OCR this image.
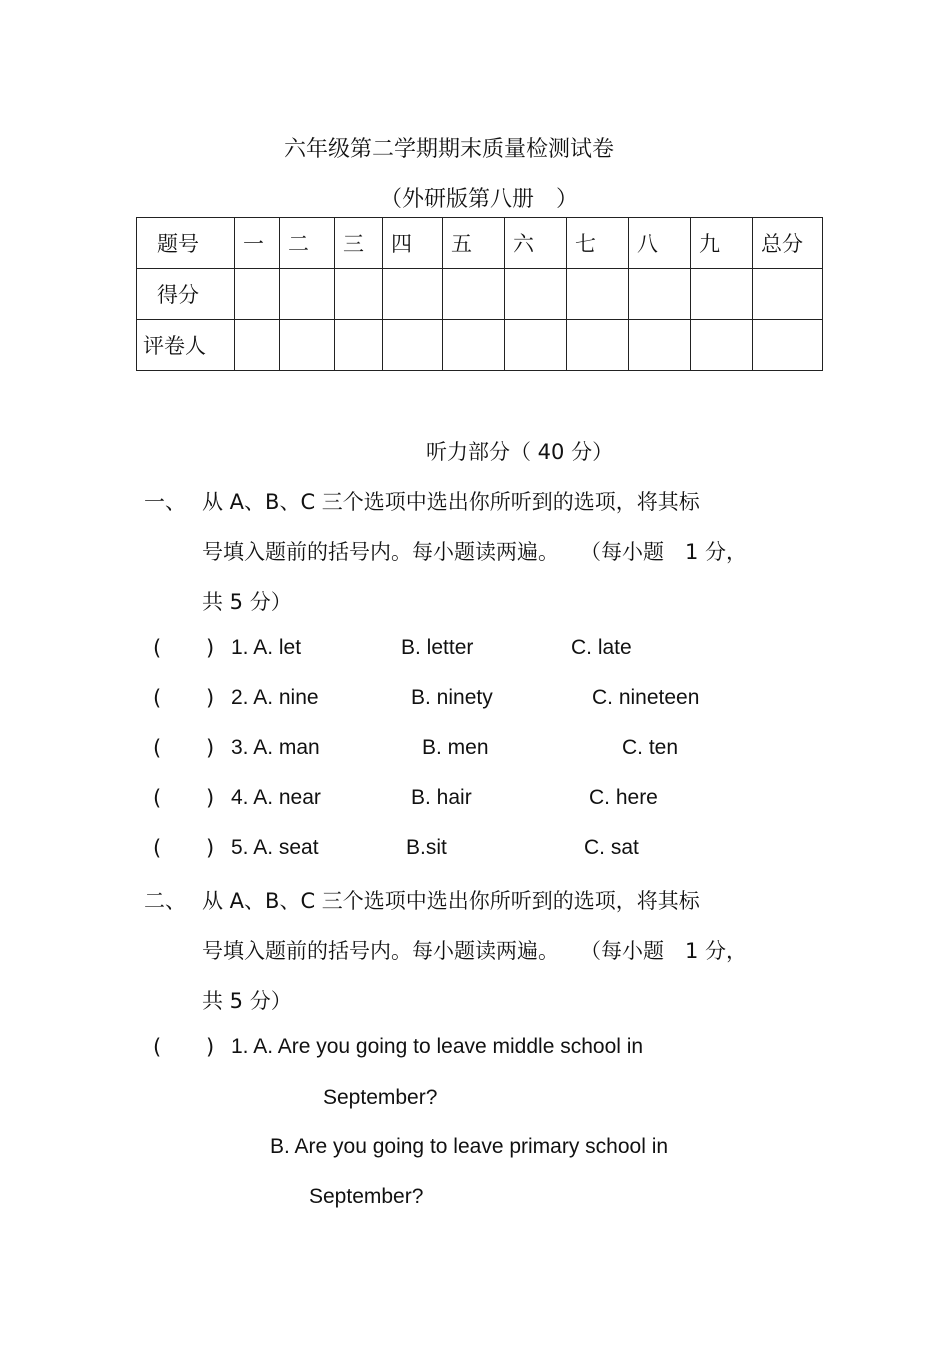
六年级第二学期期末质量检测试卷
（外研版第八册　）
题号	一	二	三	四	五	六	七	八	九	总分
得分										
评卷人										
听力部分（ 40 分）
一、 从 A、B、C 三个选项中选出你所听到的选项，将其标
号填入题前的括号内。每小题读两遍。　　（每小题　1 分，
共 5 分）
( ) 1. A. let	B. letter	C. late
( ) 2. A. nine	B. ninety	C. nineteen
( ) 3. A. man	B. men	C. ten
( ) 4. A. near	B. hair	C. here
( ) 5. A. seat	B.sit	C. sat
二、 从 A、B、C 三个选项中选出你所听到的选项，将其标
号填入题前的括号内。每小题读两遍。　　（每小题　1 分，
共 5 分）
( ) 1. A. Are you going to leave middle school in
September?
B. Are you going to leave primary school in
September?
